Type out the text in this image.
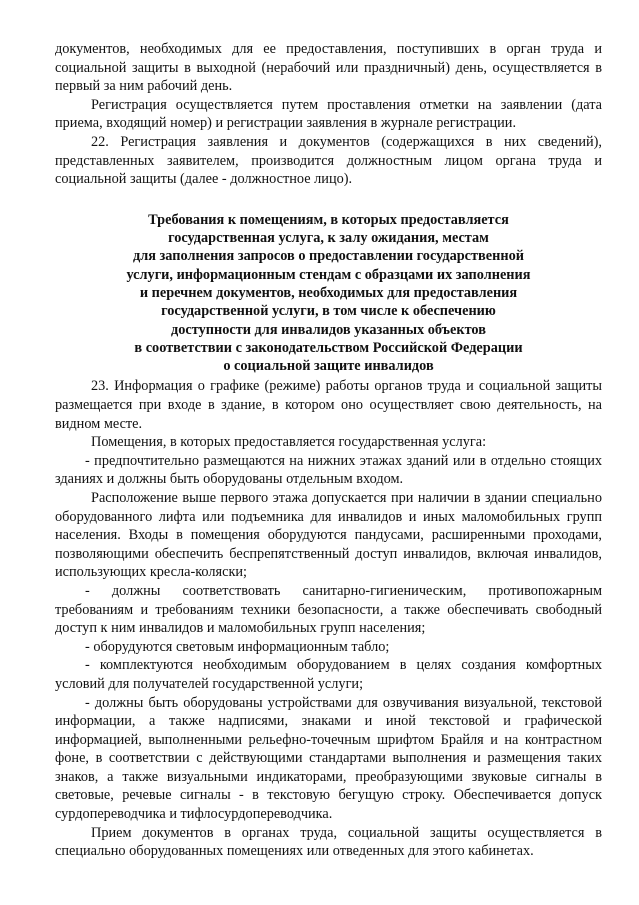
документов, необходимых для ее предоставления, поступивших в орган труда и социальной защиты в выходной (нерабочий или праздничный) день, осуществляется в первый за ним рабочий день.

Регистрация осуществляется путем проставления отметки на заявлении (дата приема, входящий номер) и регистрации заявления в журнале регистрации.

22. Регистрация заявления и документов (содержащихся в них сведений), представленных заявителем, производится должностным лицом органа труда и социальной защиты (далее - должностное лицо).

Требования к помещениям, в которых предоставляется
государственная услуга, к залу ожидания, местам
для заполнения запросов о предоставлении государственной
услуги, информационным стендам с образцами их заполнения
и перечнем документов, необходимых для предоставления
государственной услуги, в том числе к обеспечению
доступности для инвалидов указанных объектов
в соответствии с законодательством Российской Федерации
о социальной защите инвалидов

23. Информация о графике (режиме) работы органов труда и социальной защиты размещается при входе в здание, в котором оно осуществляет свою деятельность, на видном месте.

Помещения, в которых предоставляется государственная услуга:

- предпочтительно размещаются на нижних этажах зданий или в отдельно стоящих зданиях и должны быть оборудованы отдельным входом.

Расположение выше первого этажа допускается при наличии в здании специально оборудованного лифта или подъемника для инвалидов и иных маломобильных групп населения. Входы в помещения оборудуются пандусами, расширенными проходами, позволяющими обеспечить беспрепятственный доступ инвалидов, включая инвалидов, использующих кресла-коляски;

- должны соответствовать санитарно-гигиеническим, противопожарным требованиям и требованиям техники безопасности, а также обеспечивать свободный доступ к ним инвалидов и маломобильных групп населения;

- оборудуются световым информационным табло;

- комплектуются необходимым оборудованием в целях создания комфортных условий для получателей государственной услуги;

- должны быть оборудованы устройствами для озвучивания визуальной, текстовой информации, а также надписями, знаками и иной текстовой и графической информацией, выполненными рельефно-точечным шрифтом Брайля и на контрастном фоне, в соответствии с действующими стандартами выполнения и размещения таких знаков, а также визуальными индикаторами, преобразующими звуковые сигналы в световые, речевые сигналы - в текстовую бегущую строку. Обеспечивается допуск сурдопереводчика и тифлосурдопереводчика.

Прием документов в органах труда, социальной защиты осуществляется в специально оборудованных помещениях или отведенных для этого кабинетах.
